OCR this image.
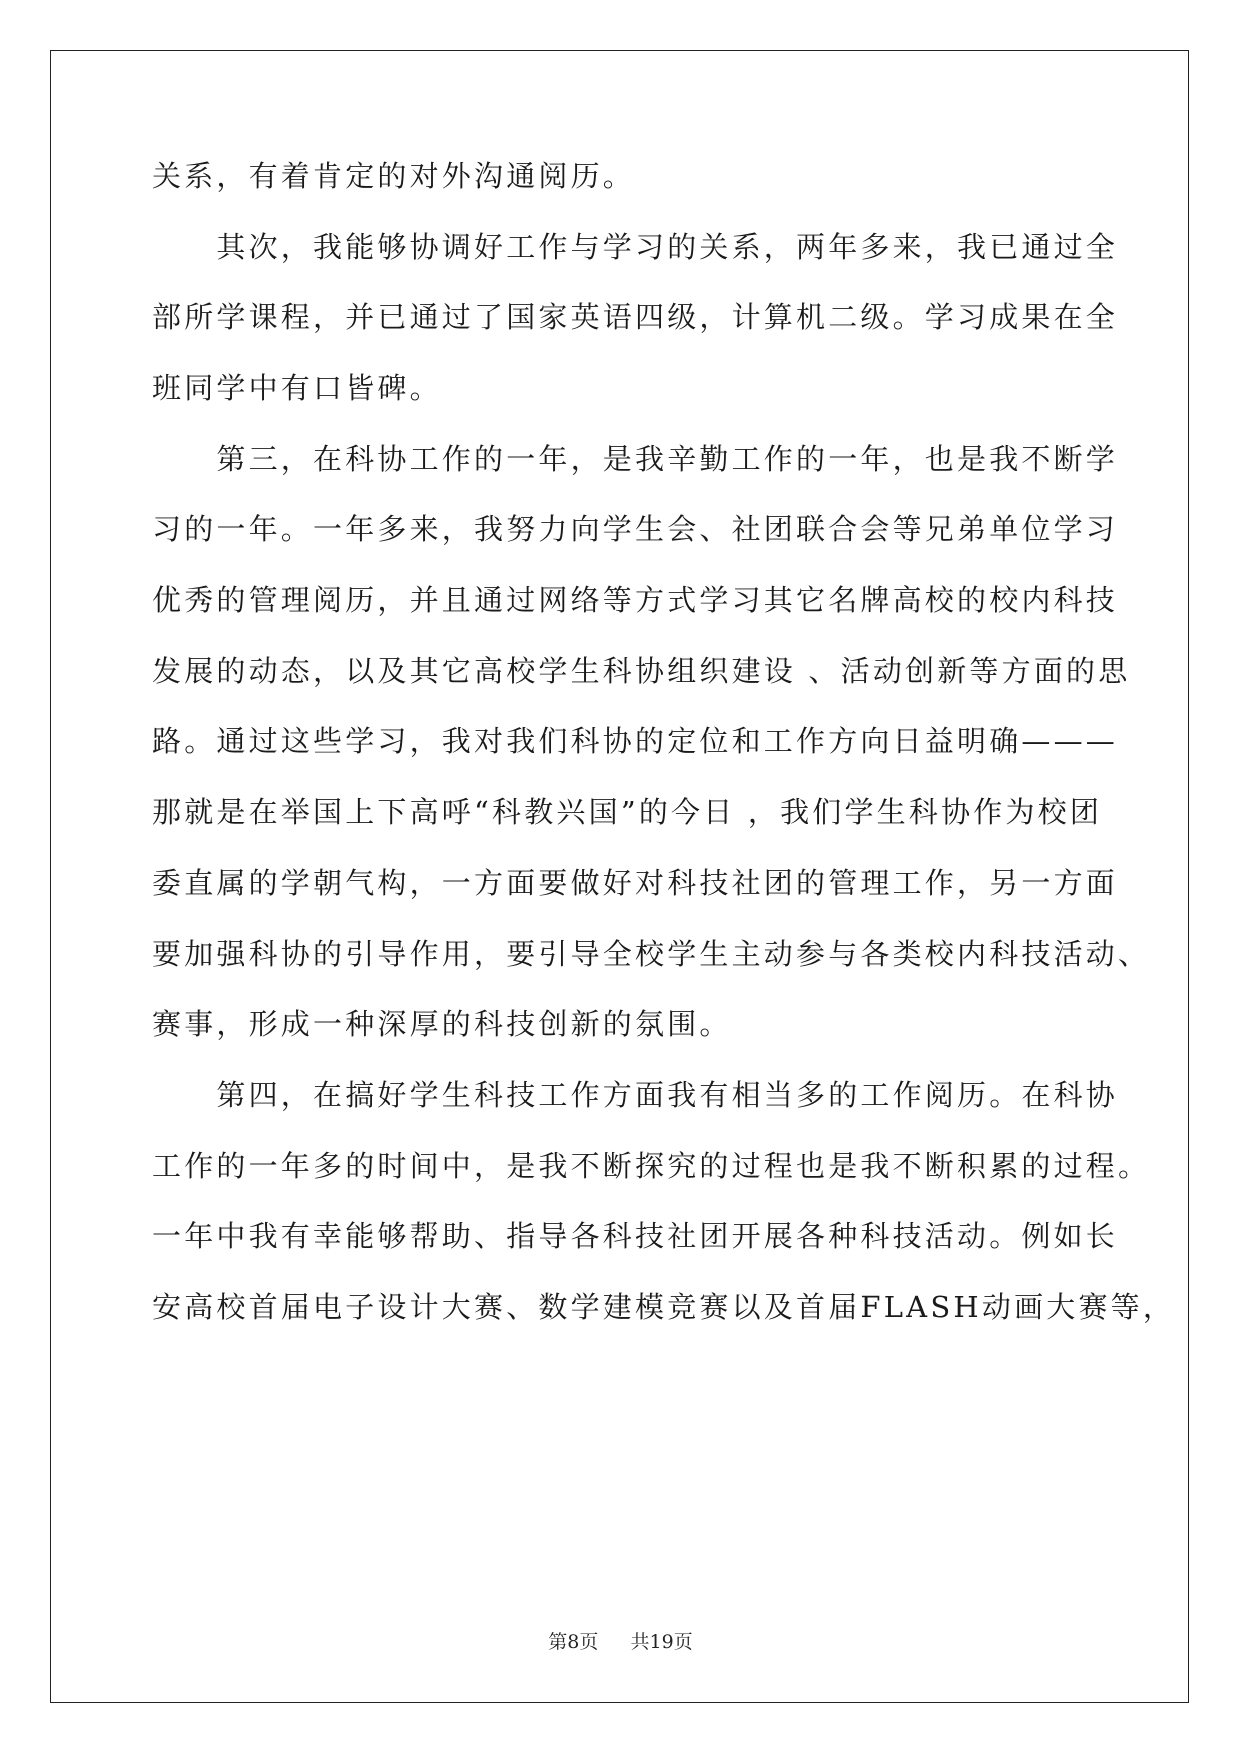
关系，有着肯定的对外沟通阅历。
　　其次，我能够协调好工作与学习的关系，两年多来，我已通过全
部所学课程，并已通过了国家英语四级，计算机二级。学习成果在全
班同学中有口皆碑。
　　第三，在科协工作的一年，是我辛勤工作的一年，也是我不断学
习的一年。一年多来，我努力向学生会、社团联合会等兄弟单位学习
优秀的管理阅历，并且通过网络等方式学习其它名牌高校的校内科技
发展的动态，以及其它高校学生科协组织建设 、活动创新等方面的思
路。通过这些学习，我对我们科协的定位和工作方向日益明确———
那就是在举国上下高呼“科教兴国”的今日 ，我们学生科协作为校团
委直属的学朝气构，一方面要做好对科技社团的管理工作，另一方面
要加强科协的引导作用，要引导全校学生主动参与各类校内科技活动、
赛事，形成一种深厚的科技创新的氛围。
　　第四，在搞好学生科技工作方面我有相当多的工作阅历。在科协
工作的一年多的时间中，是我不断探究的过程也是我不断积累的过程。
一年中我有幸能够帮助、指导各科技社团开展各种科技活动。例如长
安高校首届电子设计大赛、数学建模竞赛以及首届FLASH动画大赛等，
第8页 共19页
